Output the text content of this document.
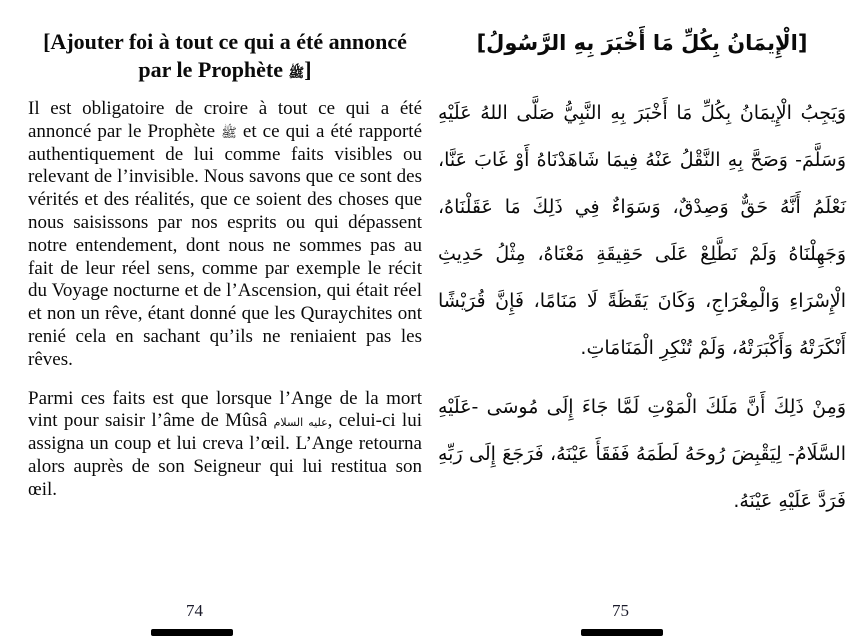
[Ajouter foi à tout ce qui a été annoncé par le Prophète ﷺ]

Il est obligatoire de croire à tout ce qui a été annoncé par le Prophète ﷺ et ce qui a été rapporté authentiquement de lui comme faits visibles ou relevant de l’invisible. Nous savons que ce sont des vérités et des réalités, que ce soient des choses que nous saisissons par nos esprits ou qui dépassent notre entendement, dont nous ne sommes pas au fait de leur réel sens, comme par exemple le récit du Voyage nocturne et de l’Ascension, qui était réel et non un rêve, étant donné que les Quraychites ont renié cela en sachant qu’ils ne reniaient pas les rêves.

Parmi ces faits est que lorsque l’Ange de la mort vint pour saisir l’âme de Mûsâ عليه السلام, celui-ci lui assigna un coup et lui creva l’œil. L’Ange retourna alors auprès de son Seigneur qui lui restitua son œil.

[الْإِيمَانُ بِكُلِّ مَا أَخْبَرَ بِهِ الرَّسُولُ]

وَيَجِبُ الْإِيمَانُ بِكُلِّ مَا أَخْبَرَ بِهِ النَّبِيُّ صَلَّى اللهُ عَلَيْهِ وَسَلَّمَ- وَصَحَّ بِهِ النَّقْلُ عَنْهُ فِيمَا شَاهَدْنَاهُ أَوْ غَابَ عَنَّا، نَعْلَمُ أَنَّهُ حَقٌّ وَصِدْقٌ، وَسَوَاءٌ فِي ذَلِكَ مَا عَقَلْنَاهُ، وَجَهِلْنَاهُ وَلَمْ نَطَّلِعْ عَلَى حَقِيقَةِ مَعْنَاهُ، مِثْلُ حَدِيثِ الْإِسْرَاءِ وَالْمِعْرَاجِ، وَكَانَ يَقَظَةً لَا مَنَامًا، فَإِنَّ قُرَيْشًا أَنْكَرَتْهُ وَأَكْبَرَتْهُ، وَلَمْ تُنْكِرِ الْمَنَامَاتِ.

وَمِنْ ذَلِكَ أَنَّ مَلَكَ الْمَوْتِ لَمَّا جَاءَ إِلَى مُوسَى -عَلَيْهِ السَّلَامُ- لِيَقْبِضَ رُوحَهُ لَطَمَهُ فَفَقَأَ عَيْنَهُ، فَرَجَعَ إِلَى رَبِّهِ فَرَدَّ عَلَيْهِ عَيْنَهُ.

74	75
